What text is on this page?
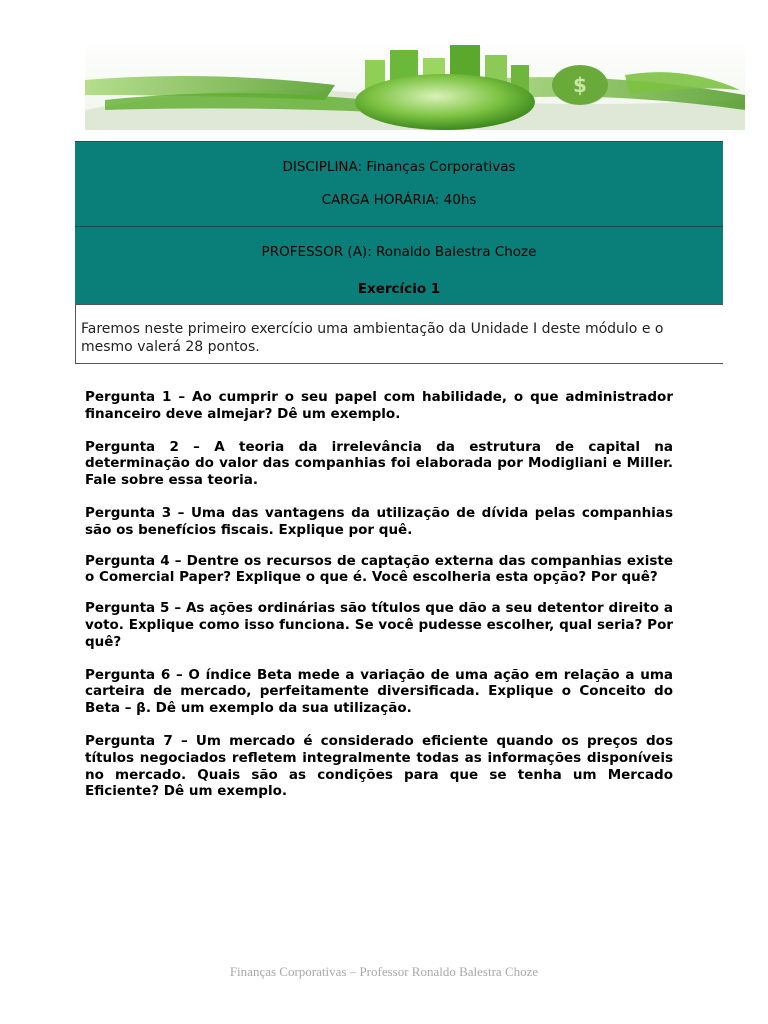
$
DISCIPLINA: Finanças Corporativas
CARGA HORÁRIA: 40hs
PROFESSOR (A): Ronaldo Balestra Choze
Exercício 1
Faremos neste primeiro exercício uma ambientação da Unidade I deste módulo e o mesmo valerá 28 pontos.

Pergunta 1 – Ao cumprir o seu papel com habilidade, o que administrador financeiro deve almejar? Dê um exemplo.

Pergunta 2 – A teoria da irrelevância da estrutura de capital na determinação do valor das companhias foi elaborada por Modigliani e Miller. Fale sobre essa teoria.

Pergunta 3 – Uma das vantagens da utilização de dívida pelas companhias são os benefícios fiscais. Explique por quê.

Pergunta 4 – Dentre os recursos de captação externa das companhias existe o Comercial Paper? Explique o que é. Você escolheria esta opção? Por quê?

Pergunta 5 – As ações ordinárias são títulos que dão a seu detentor direito a voto. Explique como isso funciona. Se você pudesse escolher, qual seria? Por quê?

Pergunta 6 – O índice Beta mede a variação de uma ação em relação a uma carteira de mercado, perfeitamente diversificada. Explique o Conceito do Beta – β. Dê um exemplo da sua utilização.

Pergunta 7 – Um mercado é considerado eficiente quando os preços dos títulos negociados refletem integralmente todas as informações disponíveis no mercado. Quais são as condições para que se tenha um Mercado Eficiente? Dê um exemplo.

Finanças Corporativas – Professor Ronaldo Balestra Choze
